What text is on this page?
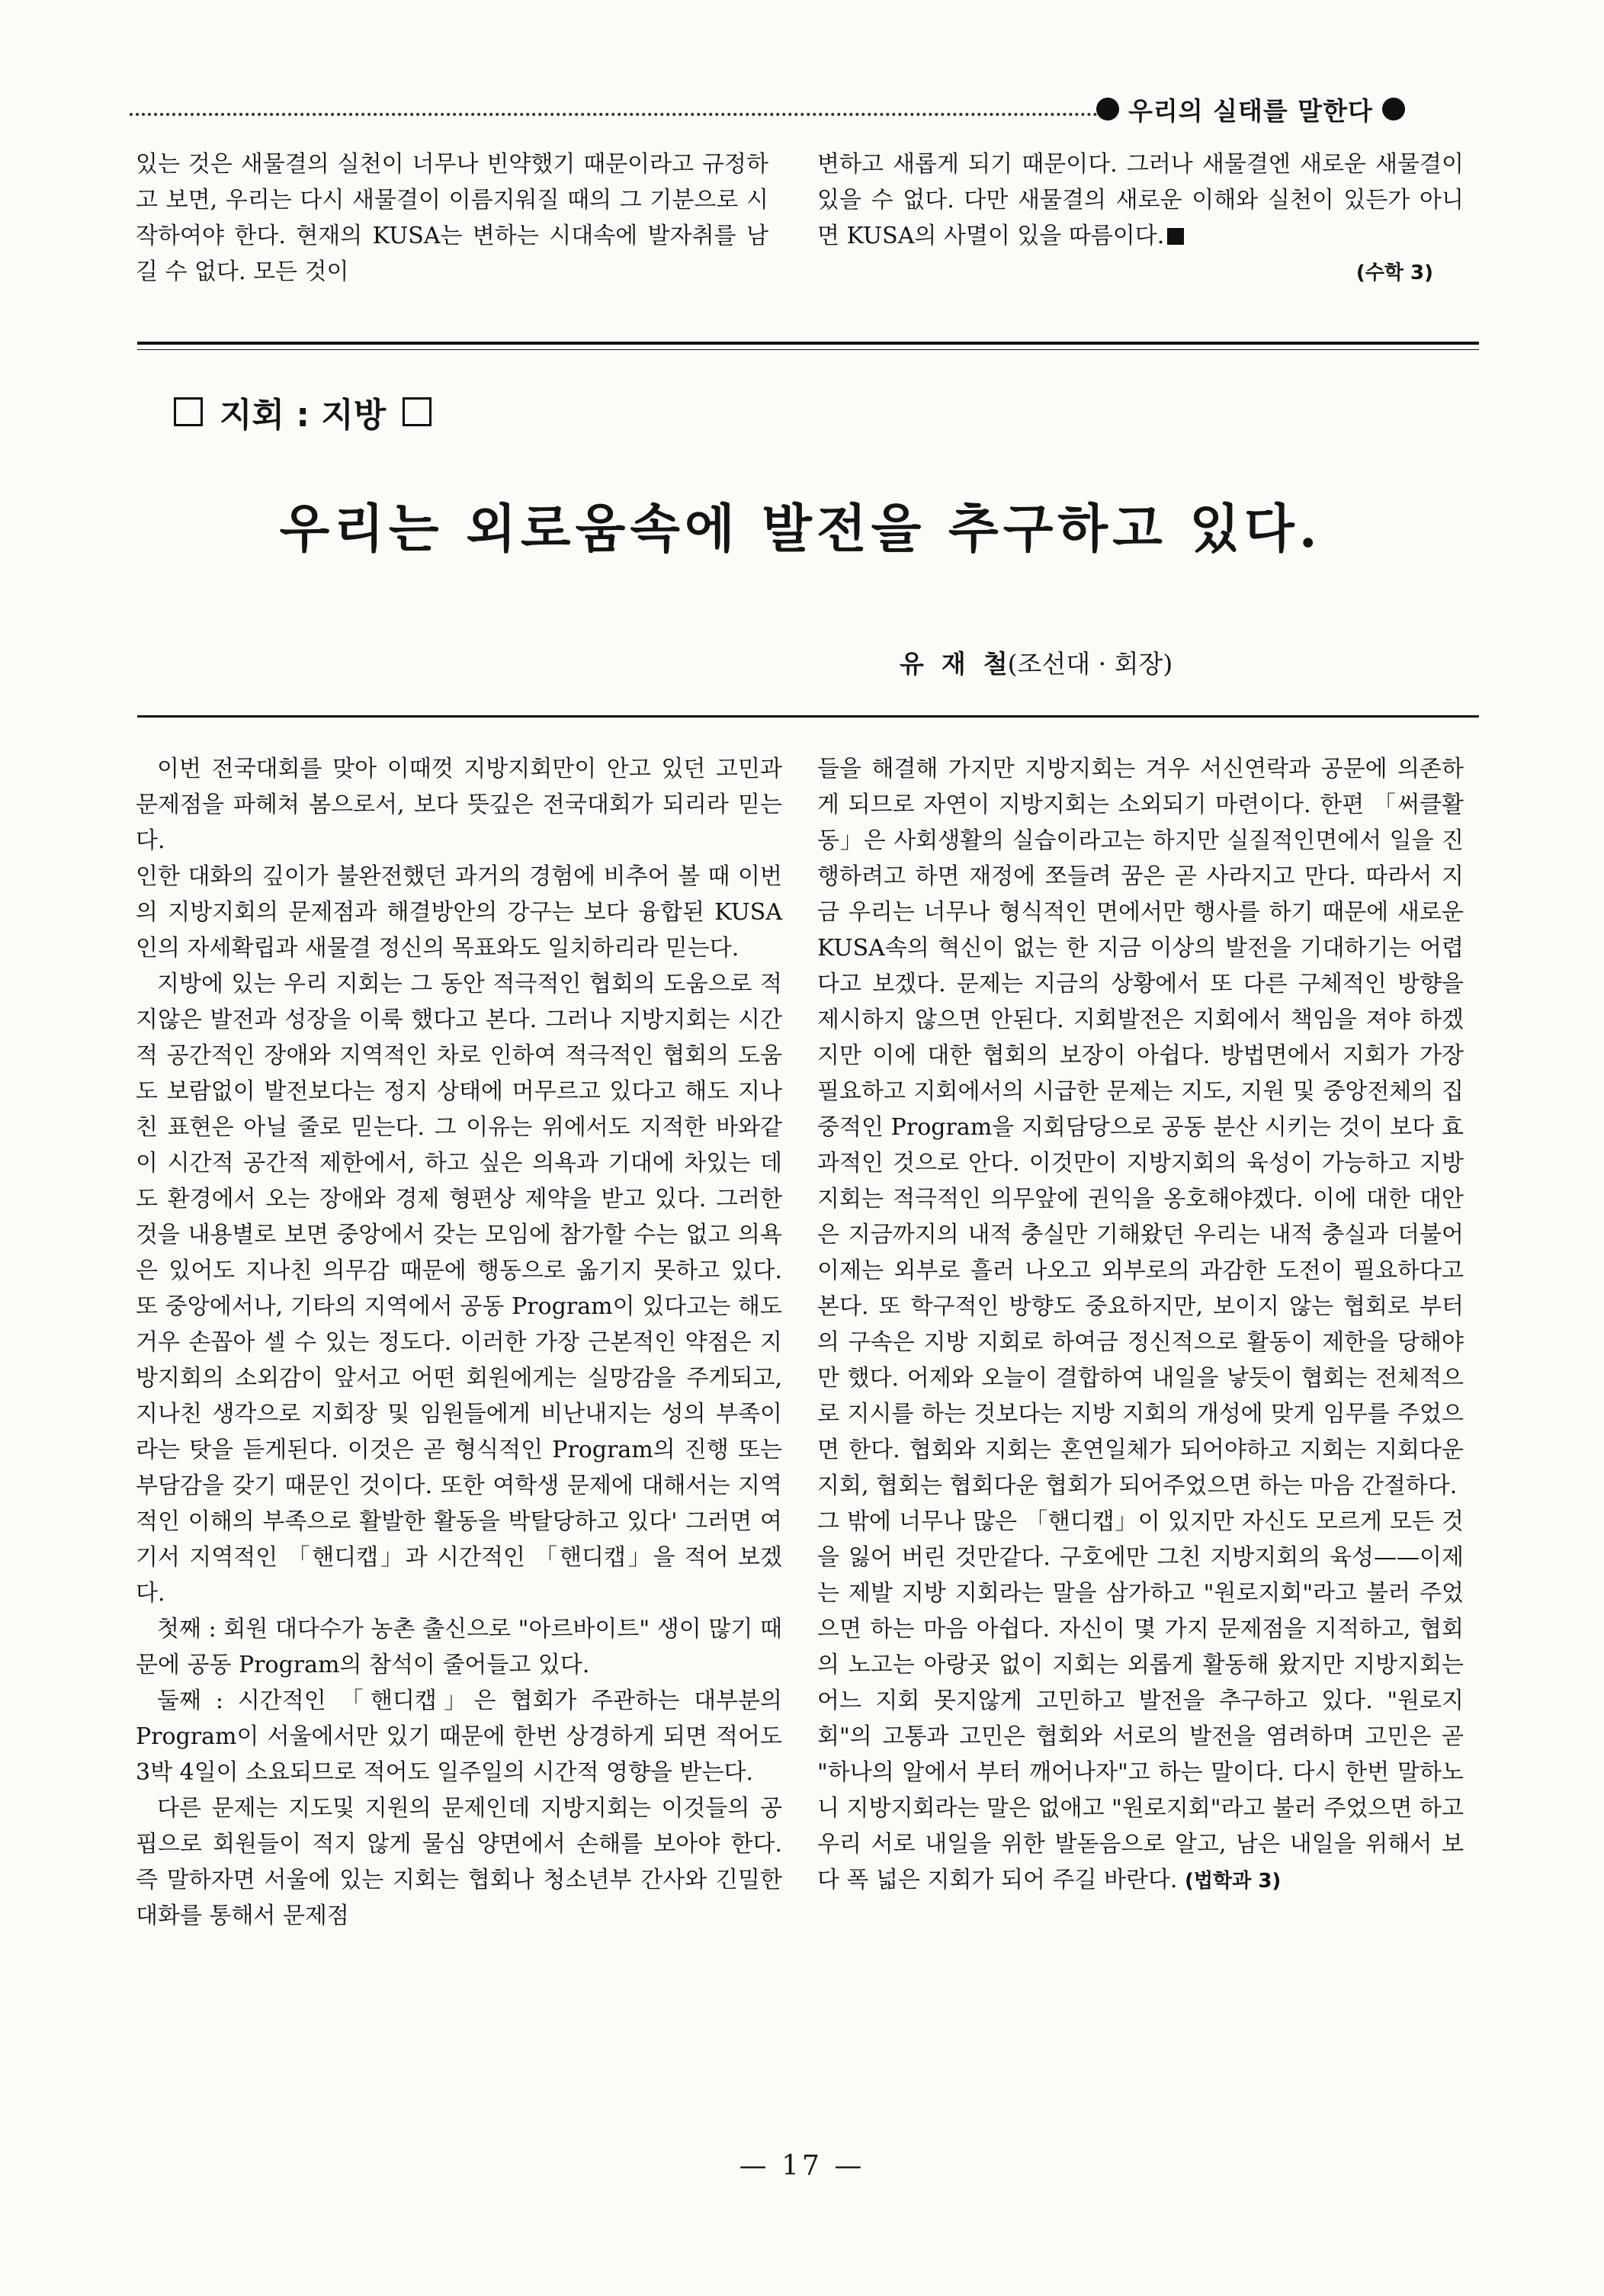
우리의 실태를 말한다

있는 것은 새물결의 실천이 너무나 빈약했기 때문이라고 규정하고 보면, 우리는 다시 새물결이 이름지워질 때의 그 기분으로 시작하여야 한다. 현재의 KUSA는 변하는 시대속에 발자취를 남길 수 없다. 모든 것이

변하고 새롭게 되기 때문이다. 그러나 새물결엔 새로운 새물결이 있을 수 없다. 다만 새물결의 새로운 이해와 실천이 있든가 아니면 KUSA의 사멸이 있을 따름이다.

(수학 3)

지회 : 지방
우리는 외로움속에 발전을 추구하고 있다.
유  재  철(조선대 · 회장)

이번 전국대회를 맞아 이때껏 지방지회만이 안고 있던 고민과 문제점을 파헤쳐 봄으로서, 보다 뜻깊은 전국대회가 되리라 믿는다.

인한 대화의 깊이가 불완전했던 과거의 경험에 비추어 볼 때 이번의 지방지회의 문제점과 해결방안의 강구는 보다 융합된 KUSA인의 자세확립과 새물결 정신의 목표와도 일치하리라 믿는다.

지방에 있는 우리 지회는 그 동안 적극적인 협회의 도움으로 적지않은 발전과 성장을 이룩 했다고 본다. 그러나 지방지회는 시간적 공간적인 장애와 지역적인 차로 인하여 적극적인 협회의 도움도 보람없이 발전보다는 정지 상태에 머무르고 있다고 해도 지나친 표현은 아닐 줄로 믿는다. 그 이유는 위에서도 지적한 바와같이 시간적 공간적 제한에서, 하고 싶은 의욕과 기대에 차있는 데도 환경에서 오는 장애와 경제 형편상 제약을 받고 있다. 그러한 것을 내용별로 보면 중앙에서 갖는 모임에 참가할 수는 없고 의욕은 있어도 지나친 의무감 때문에 행동으로 옮기지 못하고 있다. 또 중앙에서나, 기타의 지역에서 공동 Program이 있다고는 해도 거우 손꼽아 셀 수 있는 정도다. 이러한 가장 근본적인 약점은 지방지회의 소외감이 앞서고 어떤 회원에게는 실망감을 주게되고, 지나친 생각으로 지회장 및 임원들에게 비난내지는 성의 부족이라는 탓을 듣게된다. 이것은 곧 형식적인 Program의 진행 또는 부담감을 갖기 때문인 것이다. 또한 여학생 문제에 대해서는 지역적인 이해의 부족으로 활발한 활동을 박탈당하고 있다' 그러면 여기서 지역적인 「핸디캡」과 시간적인 「핸디캡」을 적어 보겠다.

첫째 : 회원 대다수가 농촌 출신으로 "아르바이트" 생이 많기 때문에 공동 Program의 참석이 줄어들고 있다.

둘째 : 시간적인 「핸디캡」은 협회가 주관하는 대부분의 Program이 서울에서만 있기 때문에 한번 상경하게 되면 적어도 3박 4일이 소요되므로 적어도 일주일의 시간적 영향을 받는다.

다른 문제는 지도및 지원의 문제인데 지방지회는 이것들의 공핍으로 회원들이 적지 않게 물심 양면에서 손해를 보아야 한다. 즉 말하자면 서울에 있는 지회는 협회나 청소년부 간사와 긴밀한 대화를 통해서 문제점

들을 해결해 가지만 지방지회는 겨우 서신연락과 공문에 의존하게 되므로 자연이 지방지회는 소외되기 마련이다. 한편 「써클활동」은 사회생활의 실습이라고는 하지만 실질적인면에서 일을 진행하려고 하면 재정에 쪼들려 꿈은 곧 사라지고 만다. 따라서 지금 우리는 너무나 형식적인 면에서만 행사를 하기 때문에 새로운 KUSA속의 혁신이 없는 한 지금 이상의 발전을 기대하기는 어렵다고 보겠다. 문제는 지금의 상황에서 또 다른 구체적인 방향을 제시하지 않으면 안된다. 지회발전은 지회에서 책임을 져야 하겠지만 이에 대한 협회의 보장이 아쉽다. 방법면에서 지회가 가장 필요하고 지회에서의 시급한 문제는 지도, 지원 및 중앙전체의 집중적인 Program을 지회담당으로 공동 분산 시키는 것이 보다 효과적인 것으로 안다. 이것만이 지방지회의 육성이 가능하고 지방지회는 적극적인 의무앞에 권익을 옹호해야겠다. 이에 대한 대안은 지금까지의 내적 충실만 기해왔던 우리는 내적 충실과 더불어 이제는 외부로 흘러 나오고 외부로의 과감한 도전이 필요하다고 본다. 또 학구적인 방향도 중요하지만, 보이지 않는 협회로 부터의 구속은 지방 지회로 하여금 정신적으로 활동이 제한을 당해야만 했다. 어제와 오늘이 결합하여 내일을 낳듯이 협회는 전체적으로 지시를 하는 것보다는 지방 지회의 개성에 맞게 임무를 주었으면 한다. 협회와 지회는 혼연일체가 되어야하고 지회는 지회다운 지회, 협회는 협회다운 협회가 되어주었으면 하는 마음 간절하다.

그 밖에 너무나 많은 「핸디캡」이 있지만 자신도 모르게 모든 것을 잃어 버린 것만같다. 구호에만 그친 지방지회의 육성——이제는 제발 지방 지회라는 말을 삼가하고 "원로지회"라고 불러 주었으면 하는 마음 아쉽다. 자신이 몇 가지 문제점을 지적하고, 협회의 노고는 아랑곳 없이 지회는 외롭게 활동해 왔지만 지방지회는 어느 지회 못지않게 고민하고 발전을 추구하고 있다. "원로지회"의 고통과 고민은 협회와 서로의 발전을 염려하며 고민은 곧 "하나의 알에서 부터 깨어나자"고 하는 말이다. 다시 한번 말하노니 지방지회라는 말은 없애고 "원로지회"라고 불러 주었으면 하고 우리 서로 내일을 위한 발돋음으로 알고, 남은 내일을 위해서 보다 폭 넓은 지회가 되어 주길 바란다. (법학과 3)

— 17 —
